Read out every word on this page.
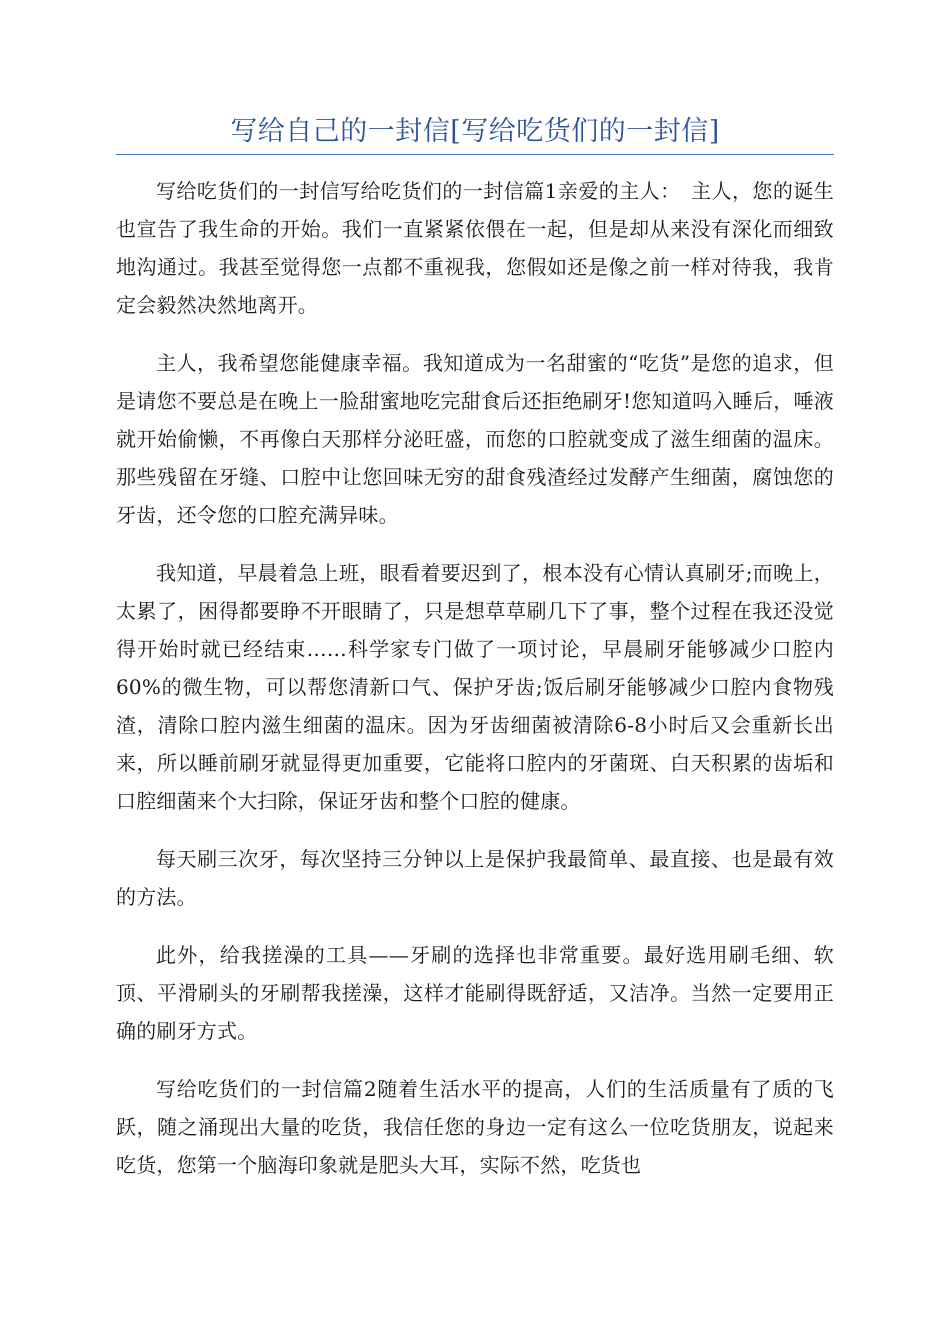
写给自己的一封信[写给吃货们的一封信]

写给吃货们的一封信写给吃货们的一封信篇1亲爱的主人：　主人，您的诞生也宣告了我生命的开始。我们一直紧紧依偎在一起，但是却从来没有深化而细致地沟通过。我甚至觉得您一点都不重视我，您假如还是像之前一样对待我，我肯定会毅然决然地离开。

主人，我希望您能健康幸福。我知道成为一名甜蜜的“吃货”是您的追求，但是请您不要总是在晚上一脸甜蜜地吃完甜食后还拒绝刷牙!您知道吗入睡后，唾液就开始偷懒，不再像白天那样分泌旺盛，而您的口腔就变成了滋生细菌的温床。那些残留在牙缝、口腔中让您回味无穷的甜食残渣经过发酵产生细菌，腐蚀您的牙齿，还令您的口腔充满异味。

我知道，早晨着急上班，眼看着要迟到了，根本没有心情认真刷牙;而晚上，太累了，困得都要睁不开眼睛了，只是想草草刷几下了事，整个过程在我还没觉得开始时就已经结束……科学家专门做了一项讨论，早晨刷牙能够减少口腔内60%的微生物，可以帮您清新口气、保护牙齿;饭后刷牙能够减少口腔内食物残渣，清除口腔内滋生细菌的温床。因为牙齿细菌被清除6-8小时后又会重新长出来，所以睡前刷牙就显得更加重要，它能将口腔内的牙菌斑、白天积累的齿垢和口腔细菌来个大扫除，保证牙齿和整个口腔的健康。

每天刷三次牙，每次坚持三分钟以上是保护我最简单、最直接、也是最有效的方法。

此外，给我搓澡的工具——牙刷的选择也非常重要。最好选用刷毛细、软顶、平滑刷头的牙刷帮我搓澡，这样才能刷得既舒适，又洁净。当然一定要用正确的刷牙方式。

写给吃货们的一封信篇2随着生活水平的提高，人们的生活质量有了质的飞跃，随之涌现出大量的吃货，我信任您的身边一定有这么一位吃货朋友，说起来吃货，您第一个脑海印象就是肥头大耳，实际不然，吃货也
